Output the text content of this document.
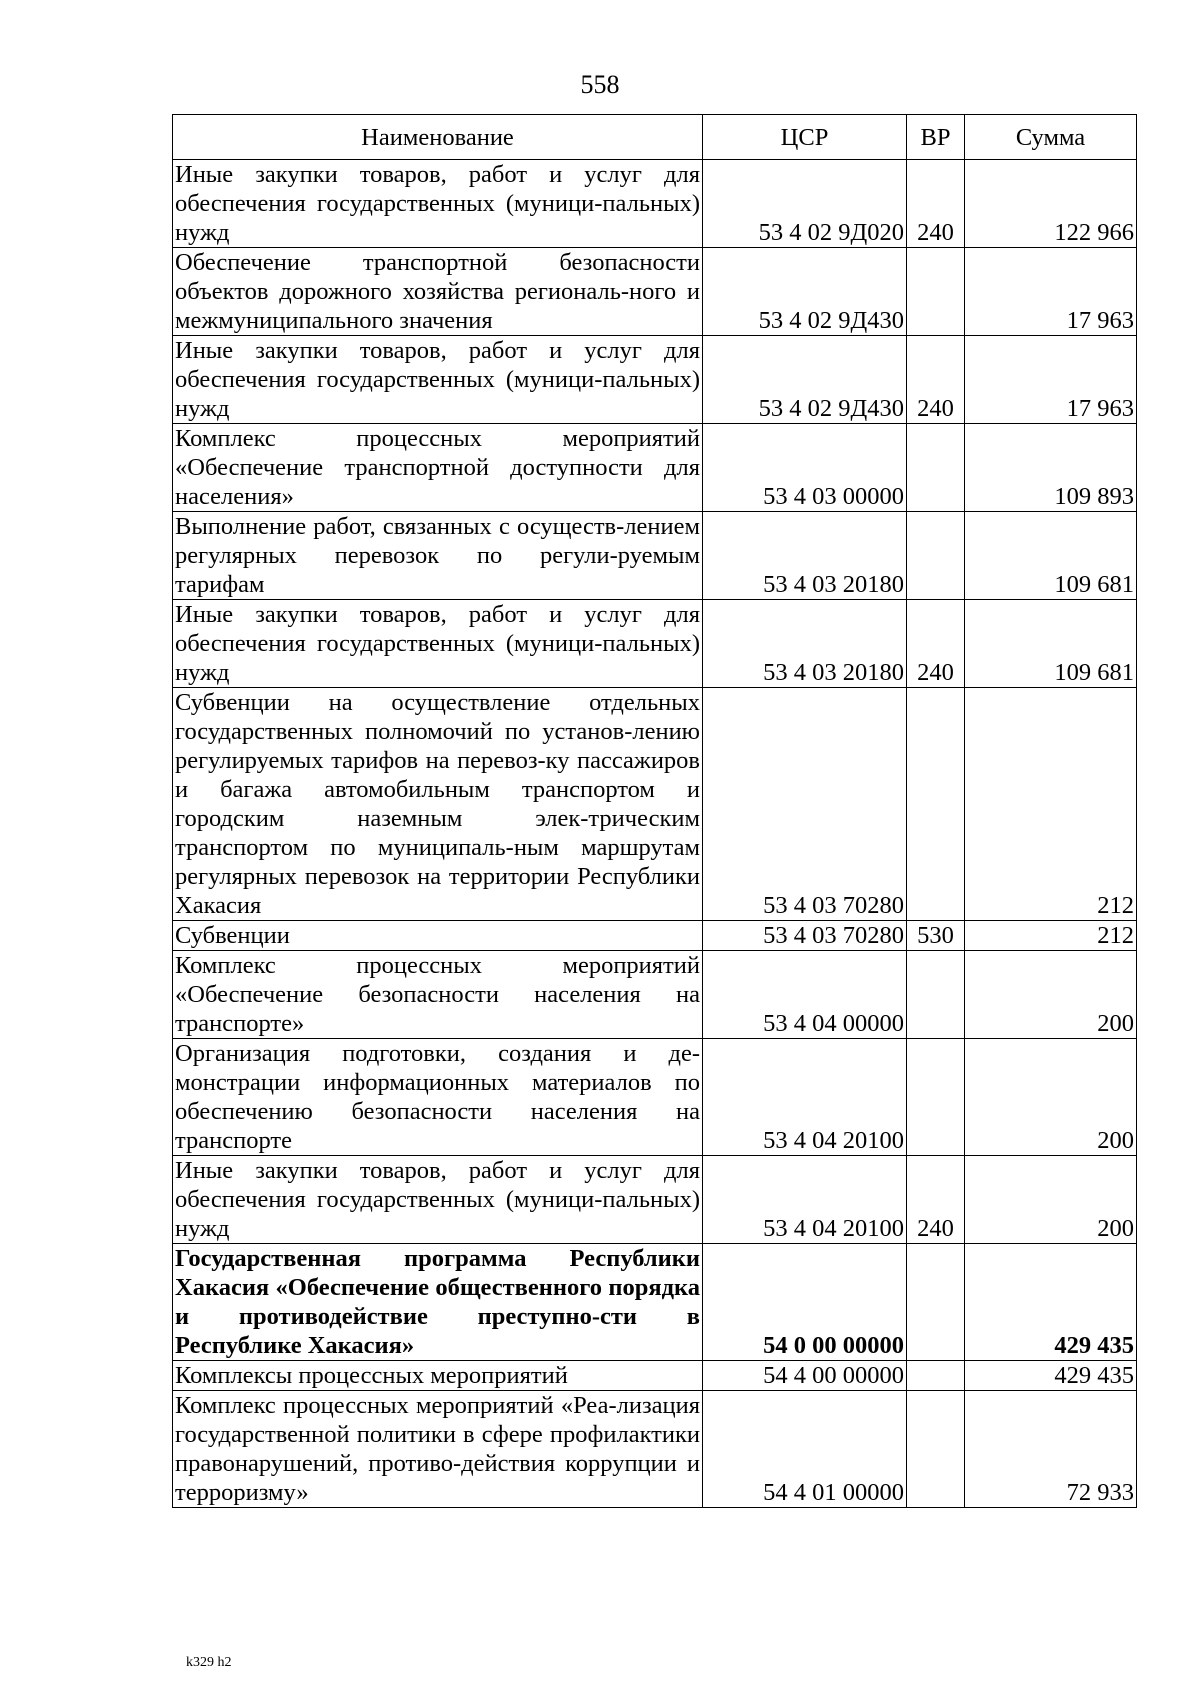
558
Наименование	ЦСР	ВР	Сумма
Иные закупки товаров, работ и услуг для обеспечения государственных (муници-пальных) нужд	53 4 02 9Д020	240	122 966
Обеспечение транспортной безопасности объектов дорожного хозяйства региональ-ного и межмуниципального значения	53 4 02 9Д430		17 963
Иные закупки товаров, работ и услуг для обеспечения государственных (муници-пальных) нужд	53 4 02 9Д430	240	17 963
Комплекс процессных мероприятий «Обеспечение транспортной доступности для населения»	53 4 03 00000		109 893
Выполнение работ, связанных с осуществ-лением регулярных перевозок по регули-руемым тарифам	53 4 03 20180		109 681
Иные закупки товаров, работ и услуг для обеспечения государственных (муници-пальных) нужд	53 4 03 20180	240	109 681
Субвенции на осуществление отдельных государственных полномочий по установ-лению регулируемых тарифов на перевоз-ку пассажиров и багажа автомобильным транспортом и городским наземным элек-трическим транспортом по муниципаль-ным маршрутам регулярных перевозок на территории Республики Хакасия	53 4 03 70280		212
Субвенции	53 4 03 70280	530	212
Комплекс процессных мероприятий «Обеспечение безопасности населения на транспорте»	53 4 04 00000		200
Организация подготовки, создания и де-монстрации информационных материалов по обеспечению безопасности населения на транспорте	53 4 04 20100		200
Иные закупки товаров, работ и услуг для обеспечения государственных (муници-пальных) нужд	53 4 04 20100	240	200
Государственная программа Республики Хакасия «Обеспечение общественного порядка и противодействие преступно-сти в Республике Хакасия»	54 0 00 00000		429 435
Комплексы процессных мероприятий	54 4 00 00000		429 435
Комплекс процессных мероприятий «Реа-лизация государственной политики в сфере профилактики правонарушений, противо-действия коррупции и терроризму»	54 4 01 00000		72 933
k329 h2
